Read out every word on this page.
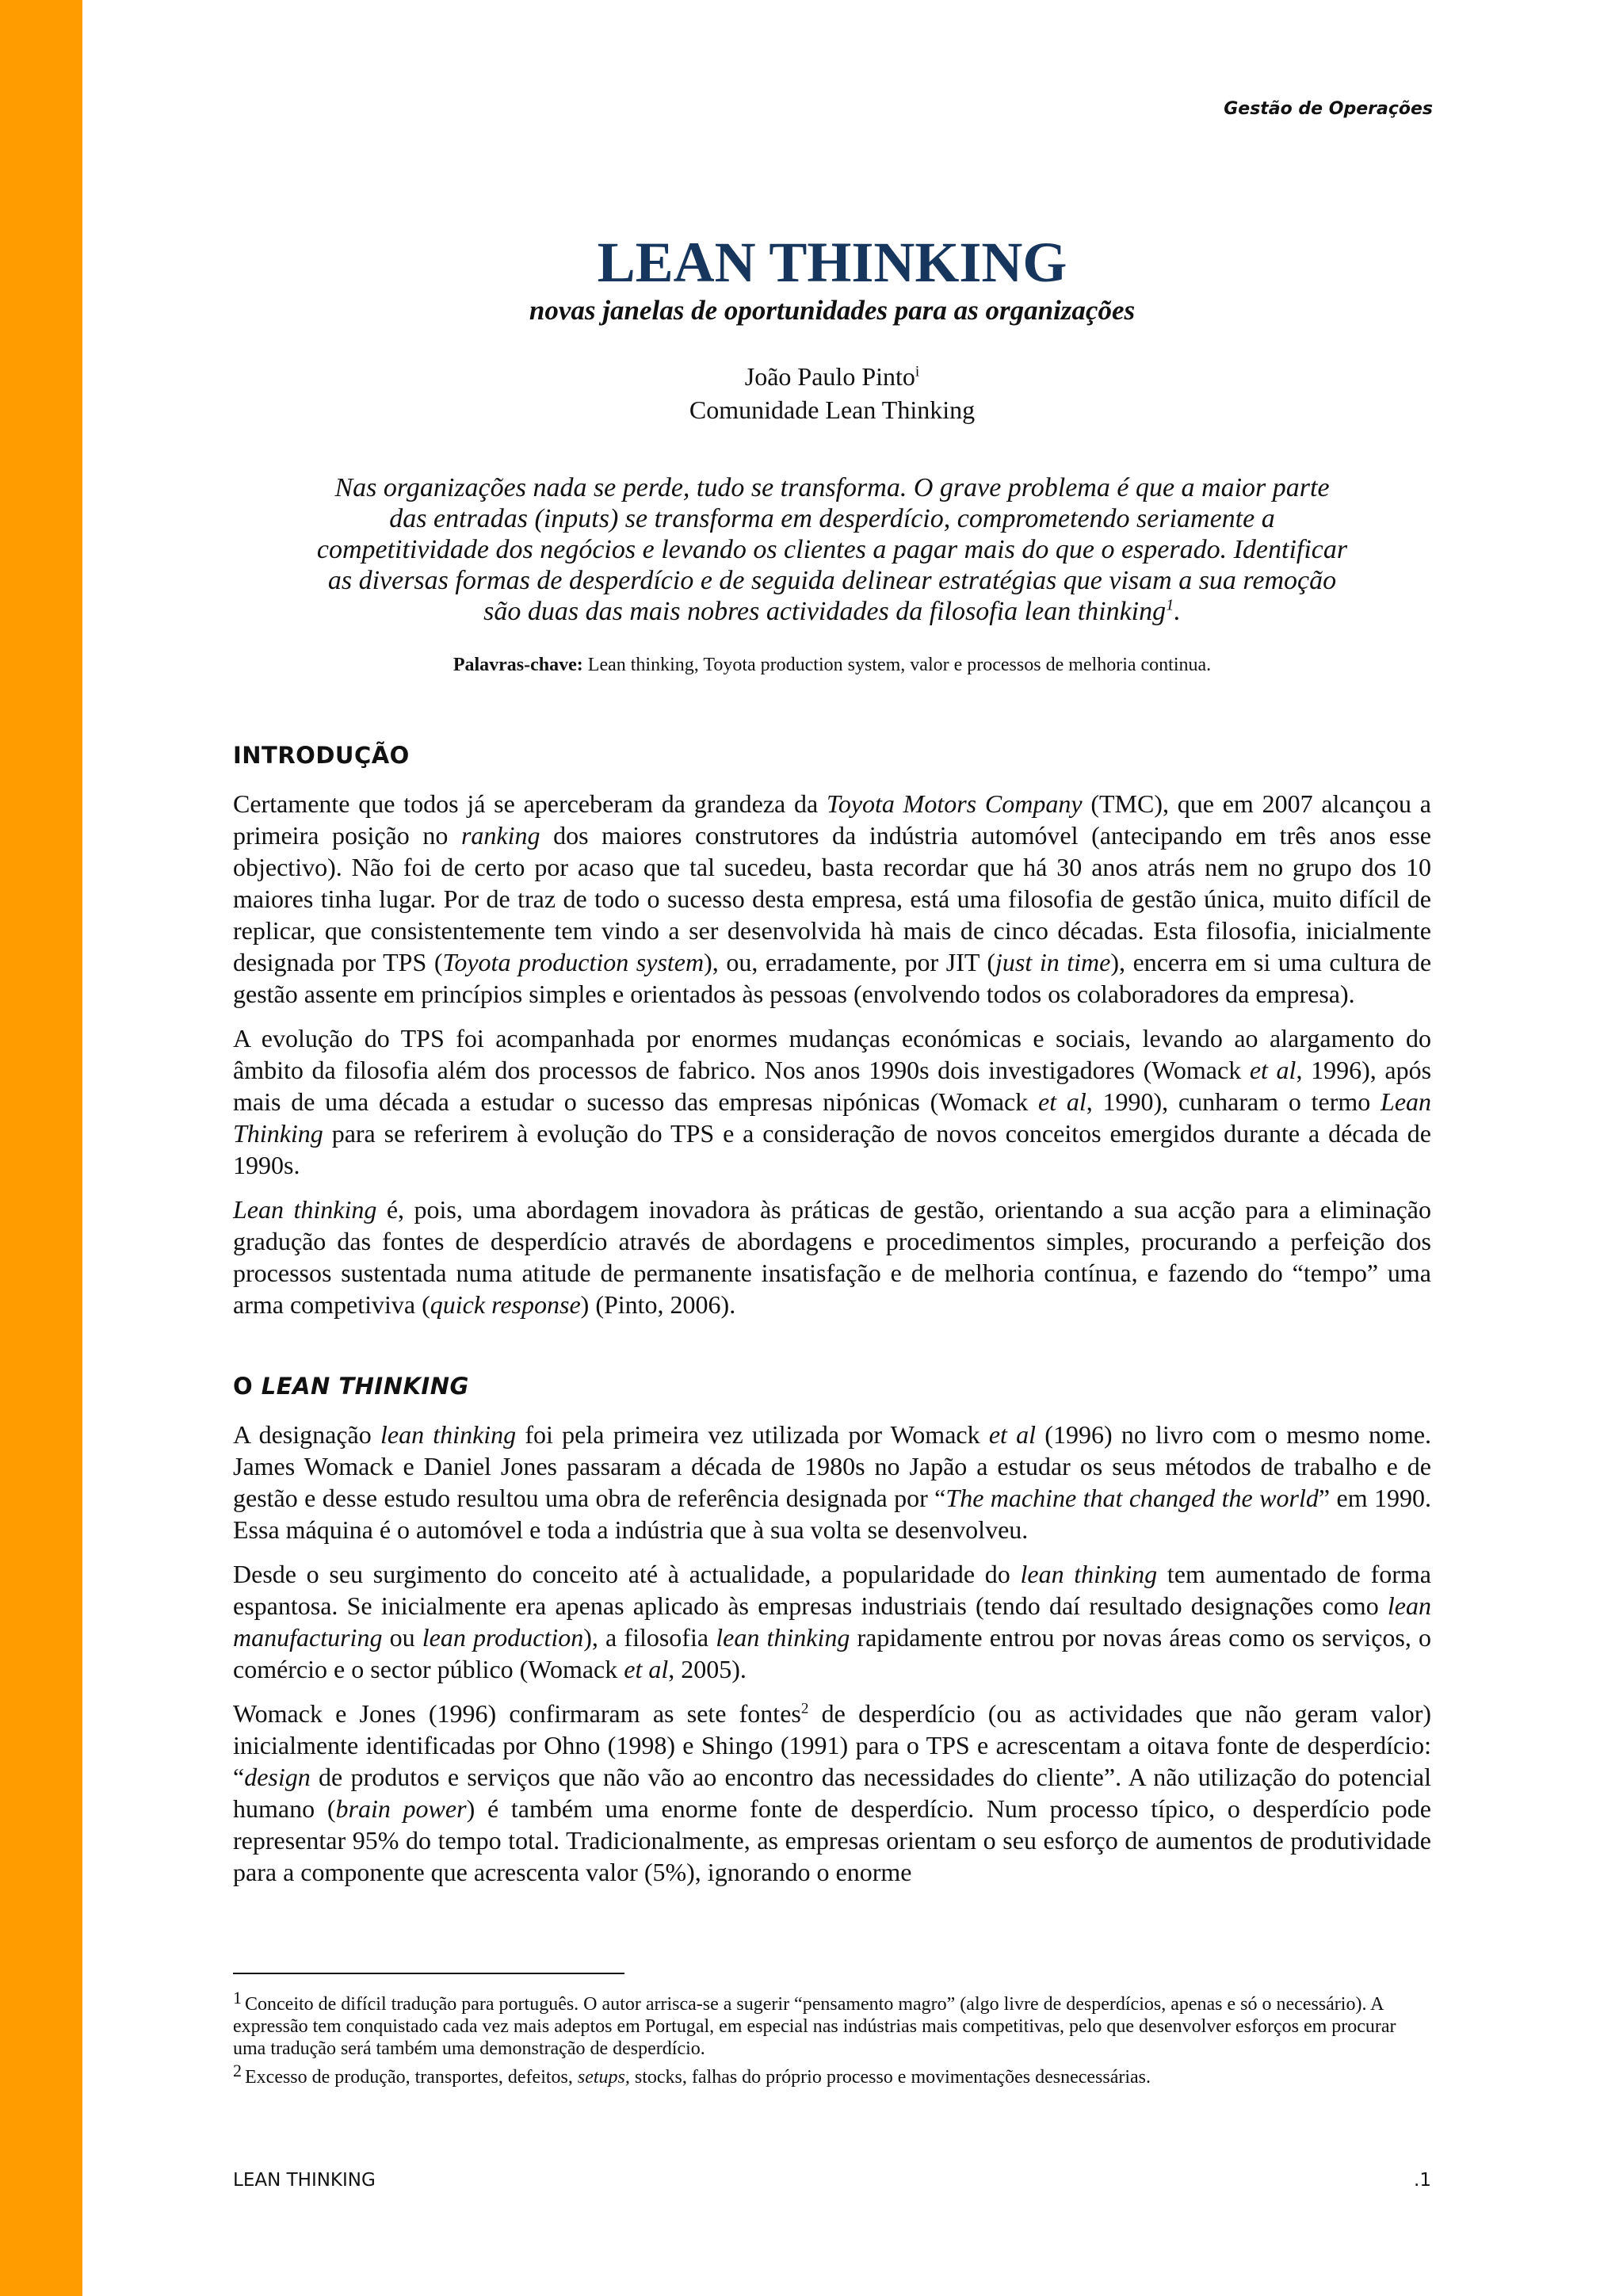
Gestão de Operações
LEAN THINKING

novas janelas de oportunidades para as organizações

João Paulo Pinto$^i$

Comunidade Lean Thinking

Nas organizações nada se perde, tudo se transforma. O grave problema é que a maior parte das entradas (inputs) se transforma em desperdício, comprometendo seriamente a competitividade dos negócios e levando os clientes a pagar mais do que o esperado. Identificar as diversas formas de desperdício e de seguida delinear estratégias que visam a sua remoção são duas das mais nobres actividades da filosofia lean thinking$^1$.

Palavras-chave: Lean thinking, Toyota production system, valor e processos de melhoria continua.

INTRODUÇÃO

Certamente que todos já se aperceberam da grandeza da Toyota Motors Company (TMC), que em 2007 alcançou a primeira posição no ranking dos maiores construtores da indústria automóvel (antecipando em três anos esse objectivo). Não foi de certo por acaso que tal sucedeu, basta recordar que há 30 anos atrás nem no grupo dos 10 maiores tinha lugar. Por de traz de todo o sucesso desta empresa, está uma filosofia de gestão única, muito difícil de replicar, que consistentemente tem vindo a ser desenvolvida hà mais de cinco décadas. Esta filosofia, inicialmente designada por TPS (Toyota production system), ou, erradamente, por JIT (just in time), encerra em si uma cultura de gestão assente em princípios simples e orientados às pessoas (envolvendo todos os colaboradores da empresa).

A evolução do TPS foi acompanhada por enormes mudanças económicas e sociais, levando ao alargamento do âmbito da filosofia além dos processos de fabrico. Nos anos 1990s dois investigadores (Womack et al, 1996), após mais de uma década a estudar o sucesso das empresas nipónicas (Womack et al, 1990), cunharam o termo Lean Thinking para se referirem à evolução do TPS e a consideração de novos conceitos emergidos durante a década de 1990s.

Lean thinking é, pois, uma abordagem inovadora às práticas de gestão, orientando a sua acção para a eliminação gradução das fontes de desperdício através de abordagens e procedimentos simples, procurando a perfeição dos processos sustentada numa atitude de permanente insatisfação e de melhoria contínua, e fazendo do “tempo” uma arma competiviva (quick response) (Pinto, 2006).

O LEAN THINKING

A designação lean thinking foi pela primeira vez utilizada por Womack et al (1996) no livro com o mesmo nome. James Womack e Daniel Jones passaram a década de 1980s no Japão a estudar os seus métodos de trabalho e de gestão e desse estudo resultou uma obra de referência designada por “The machine that changed the world” em 1990. Essa máquina é o automóvel e toda a indústria que à sua volta se desenvolveu.

Desde o seu surgimento do conceito até à actualidade, a popularidade do lean thinking tem aumentado de forma espantosa. Se inicialmente era apenas aplicado às empresas industriais (tendo daí resultado designações como lean manufacturing ou lean production), a filosofia lean thinking rapidamente entrou por novas áreas como os serviços, o comércio e o sector público (Womack et al, 2005).

Womack e Jones (1996) confirmaram as sete fontes$^2$ de desperdício (ou as actividades que não geram valor) inicialmente identificadas por Ohno (1998) e Shingo (1991) para o TPS e acrescentam a oitava fonte de desperdício: “design de produtos e serviços que não vão ao encontro das necessidades do cliente”. A não utilização do potencial humano (brain power) é também uma enorme fonte de desperdício. Num processo típico, o desperdício pode representar 95% do tempo total. Tradicionalmente, as empresas orientam o seu esforço de aumentos de produtividade para a componente que acrescenta valor (5%), ignorando o enorme

1 Conceito de difícil tradução para português. O autor arrisca-se a sugerir “pensamento magro” (algo livre de desperdícios, apenas e só o necessário). A expressão tem conquistado cada vez mais adeptos em Portugal, em especial nas indústrias mais competitivas, pelo que desenvolver esforços em procurar uma tradução será também uma demonstração de desperdício.

2 Excesso de produção, transportes, defeitos, setups, stocks, falhas do próprio processo e movimentações desnecessárias.

LEAN THINKING	.1
